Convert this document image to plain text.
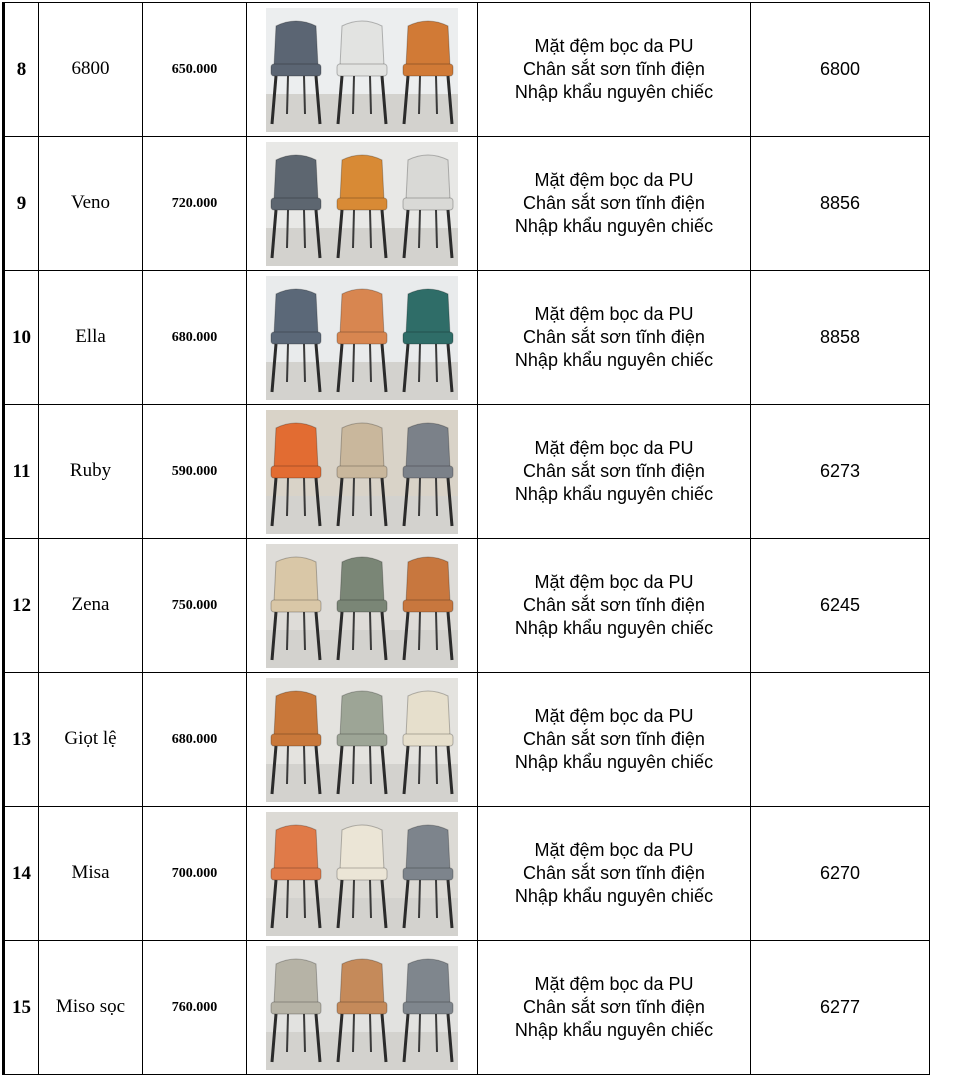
8	6800	650.000		Mặt đệm bọc da PU
Chân sắt sơn tĩnh điện
Nhập khẩu nguyên chiếc	6800
9	Veno	720.000		Mặt đệm bọc da PU
Chân sắt sơn tĩnh điện
Nhập khẩu nguyên chiếc	8856
10	Ella	680.000		Mặt đệm bọc da PU
Chân sắt sơn tĩnh điện
Nhập khẩu nguyên chiếc	8858
11	Ruby	590.000		Mặt đệm bọc da PU
Chân sắt sơn tĩnh điện
Nhập khẩu nguyên chiếc	6273
12	Zena	750.000		Mặt đệm bọc da PU
Chân sắt sơn tĩnh điện
Nhập khẩu nguyên chiếc	6245
13	Giọt lệ	680.000		Mặt đệm bọc da PU
Chân sắt sơn tĩnh điện
Nhập khẩu nguyên chiếc	

14	Misa	700.000		Mặt đệm bọc da PU
Chân sắt sơn tĩnh điện
Nhập khẩu nguyên chiếc	6270
15	Miso sọc	760.000		Mặt đệm bọc da PU
Chân sắt sơn tĩnh điện
Nhập khẩu nguyên chiếc	6277
